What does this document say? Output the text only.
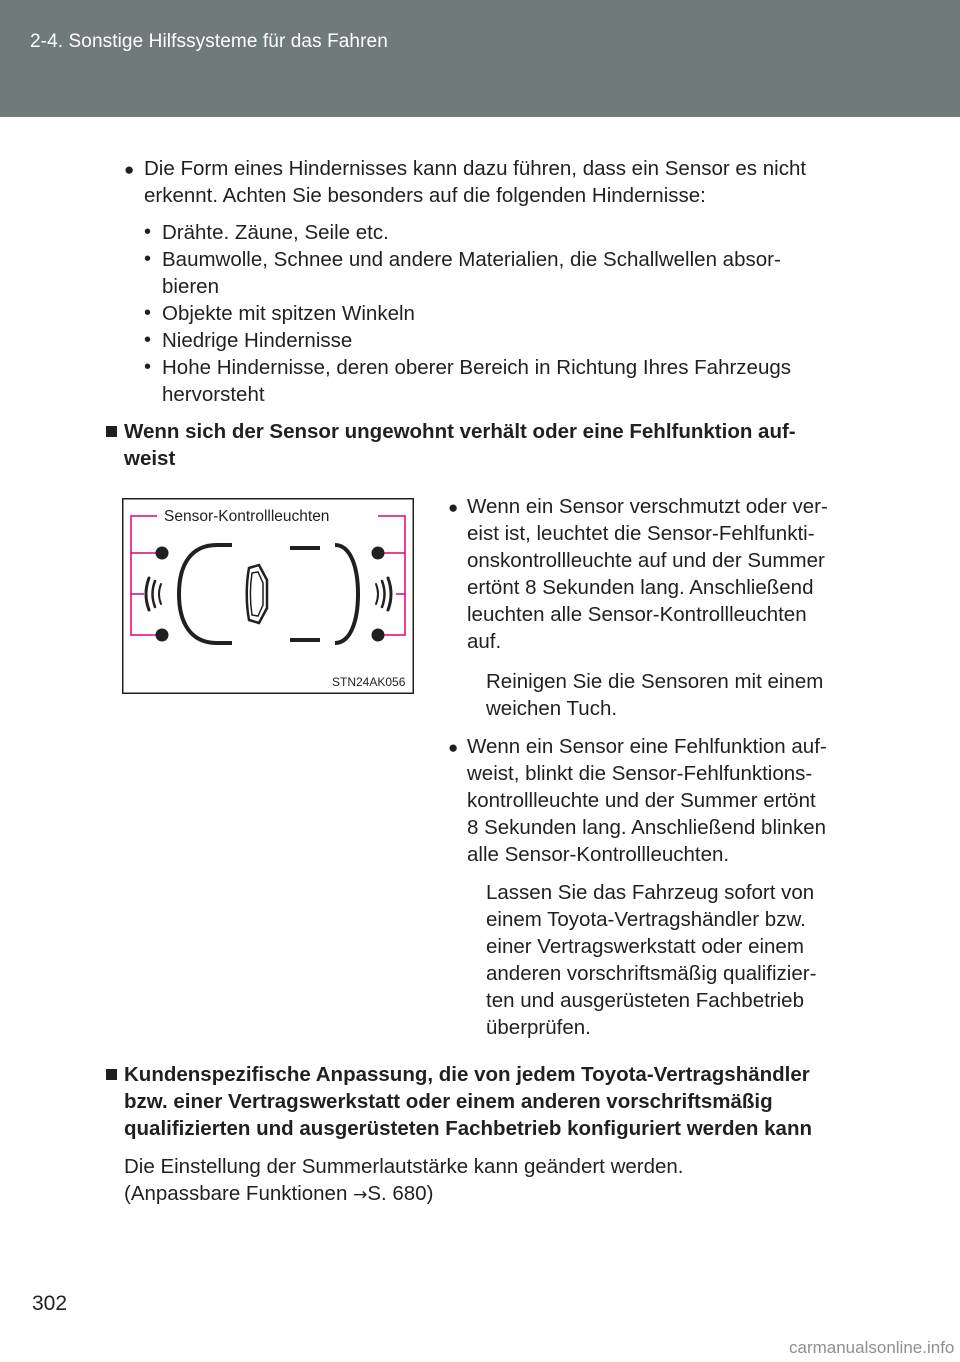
2-4. Sonstige Hilfssysteme für das Fahren
● Die Form eines Hindernisses kann dazu führen, dass ein Sensor es nicht
erkennt. Achten Sie besonders auf die folgenden Hindernisse:
• Drähte. Zäune, Seile etc.
• Baumwolle, Schnee und andere Materialien, die Schallwellen absor-
bieren
• Objekte mit spitzen Winkeln
• Niedrige Hindernisse
• Hohe Hindernisse, deren oberer Bereich in Richtung Ihres Fahrzeugs
hervorsteht
Wenn sich der Sensor ungewohnt verhält oder eine Fehlfunktion auf-
weist
Sensor-Kontrollleuchten
STN24AK056
● Wenn ein Sensor verschmutzt oder ver-
eist ist, leuchtet die Sensor-Fehlfunkti-
onskontrollleuchte auf und der Summer
ertönt 8 Sekunden lang. Anschließend
leuchten alle Sensor-Kontrollleuchten
auf.
Reinigen Sie die Sensoren mit einem
weichen Tuch.
● Wenn ein Sensor eine Fehlfunktion auf-
weist, blinkt die Sensor-Fehlfunktions-
kontrollleuchte und der Summer ertönt
8 Sekunden lang. Anschließend blinken
alle Sensor-Kontrollleuchten.
Lassen Sie das Fahrzeug sofort von
einem Toyota-Vertragshändler bzw.
einer Vertragswerkstatt oder einem
anderen vorschriftsmäßig qualifizier-
ten und ausgerüsteten Fachbetrieb
überprüfen.
Kundenspezifische Anpassung, die von jedem Toyota-Vertragshändler
bzw. einer Vertragswerkstatt oder einem anderen vorschriftsmäßig
qualifizierten und ausgerüsteten Fachbetrieb konfiguriert werden kann
Die Einstellung der Summerlautstärke kann geändert werden.
(Anpassbare Funktionen →S. 680)
302
carmanualsonline.info
